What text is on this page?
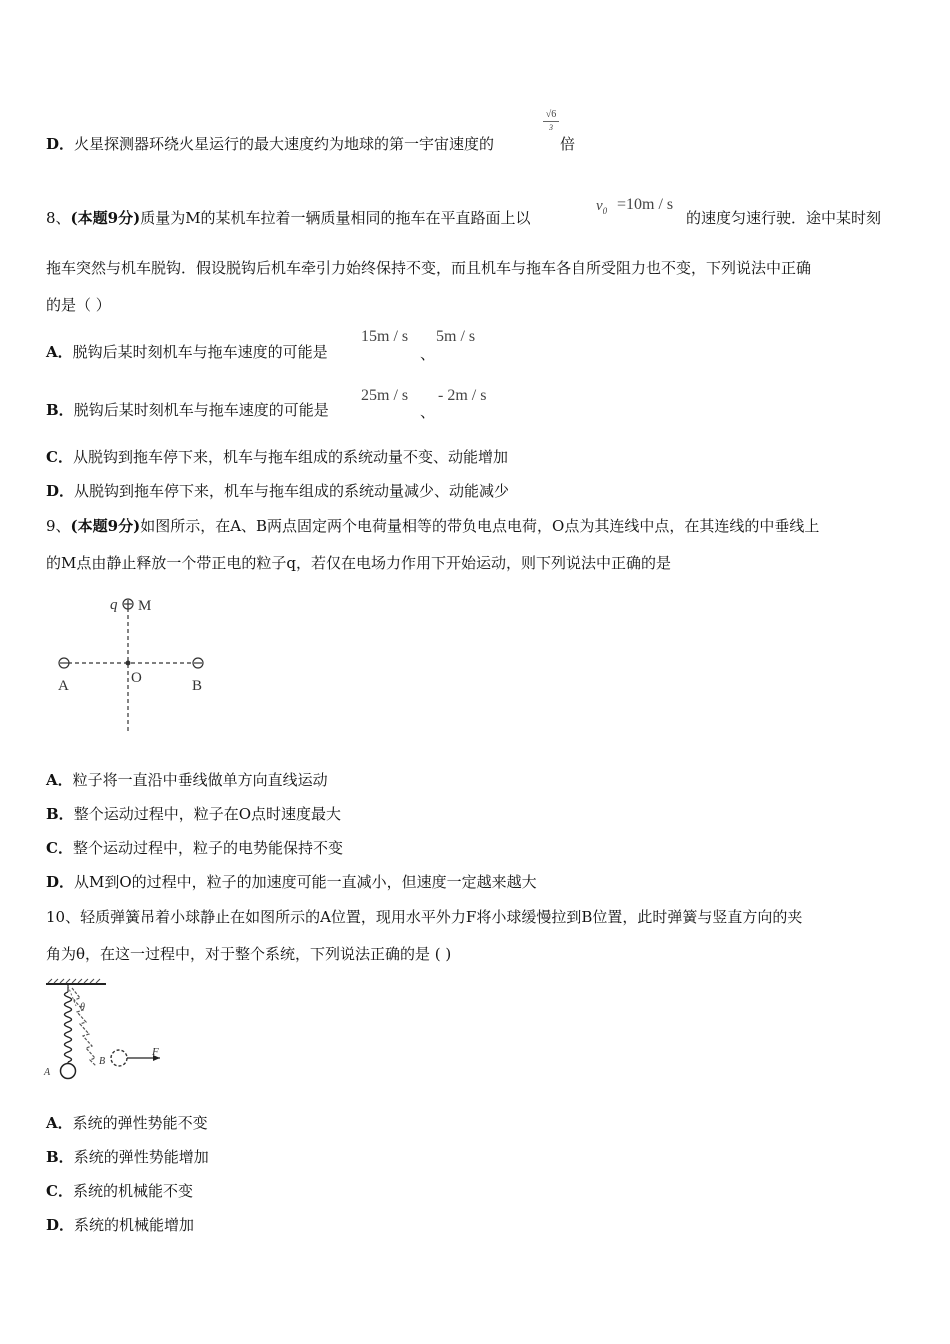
D．火星探测器环绕火星运行的最大速度约为地球的第一宇宙速度的
√6
3
倍
8、(本题9分)质量为M的某机车拉着一辆质量相同的拖车在平直路面上以
$v_0 =10m / s$
的速度匀速行驶．途中某时刻
拖车突然与机车脱钩．假设脱钩后机车牵引力始终保持不变，而且机车与拖车各自所受阻力也不变，下列说法中正确
的是（ ）
A．脱钩后某时刻机车与拖车速度的可能是
15m / s
、
5m / s
B．脱钩后某时刻机车与拖车速度的可能是
25m / s
、
- 2m / s
C．从脱钩到拖车停下来，机车与拖车组成的系统动量不变、动能增加
D．从脱钩到拖车停下来，机车与拖车组成的系统动量减少、动能减少
9、(本题9分)如图所示，在A、B两点固定两个电荷量相等的带负电点电荷，O点为其连线中点，在其连线的中垂线上
的M点由静止释放一个带正电的粒子q，若仅在电场力作用下开始运动，则下列说法中正确的是
q M
A	O	B
A．粒子将一直沿中垂线做单方向直线运动
B．整个运动过程中，粒子在O点时速度最大
C．整个运动过程中，粒子的电势能保持不变
D．从M到O的过程中，粒子的加速度可能一直减小，但速度一定越来越大
10、轻质弹簧吊着小球静止在如图所示的A位置，现用水平外力F将小球缓慢拉到B位置，此时弹簧与竖直方向的夹
角为θ，在这一过程中，对于整个系统，下列说法正确的是 ( )
θ
A
B
F
A．系统的弹性势能不变
B．系统的弹性势能增加
C．系统的机械能不变
D．系统的机械能增加
